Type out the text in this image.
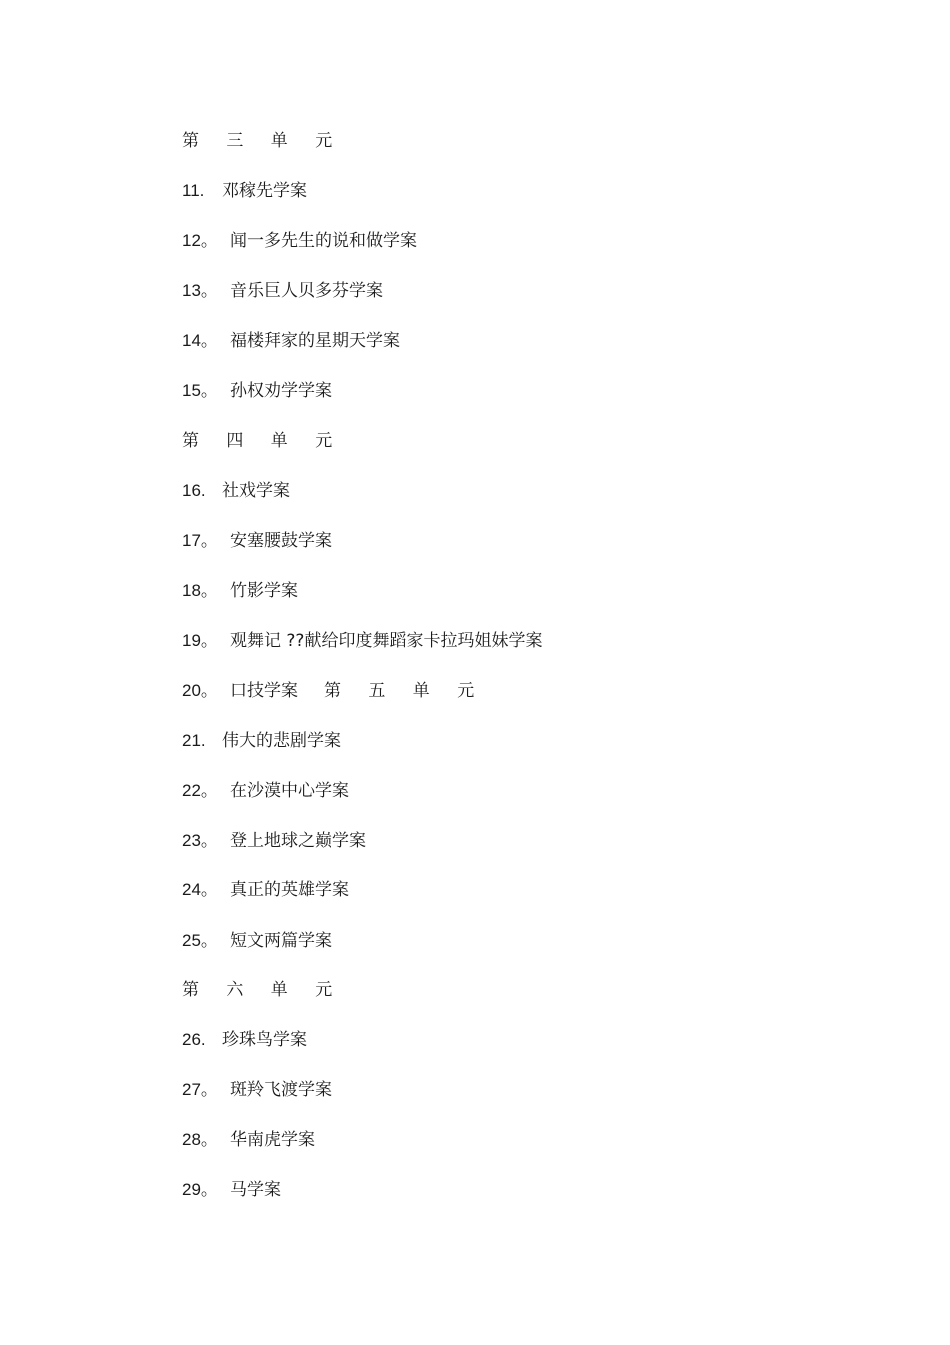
第 三 单 元
11. 邓稼先学案
12。 闻一多先生的说和做学案
13。 音乐巨人贝多芬学案
14。 福楼拜家的星期天学案
15。 孙权劝学学案
第 四 单 元
16. 社戏学案
17。 安塞腰鼓学案
18。 竹影学案
19。 观舞记 ??献给印度舞蹈家卡拉玛姐妹学案
20。 口技学案 第 五 单 元
21. 伟大的悲剧学案
22。 在沙漠中心学案
23。 登上地球之巅学案
24。 真正的英雄学案
25。 短文两篇学案
第 六 单 元
26. 珍珠鸟学案
27。 斑羚飞渡学案
28。 华南虎学案
29。 马学案
